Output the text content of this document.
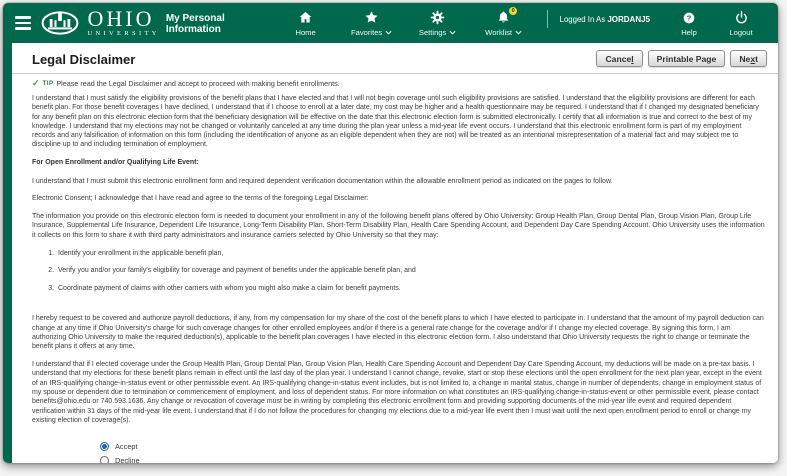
OHIO
UNIVERSITY
My Personal Information	Home	Favorites	Settings
0
Worklist
Logged In As JORDANJ5	?
Help	Logout
Legal Disclaimer	Cancel	Printable Page	Next
✓ TIP Please read the Legal Disclaimer and accept to proceed with making benefit enrollments.

I understand that I must satisfy the eligibility provisions of the benefit plans that I have elected and that I will not begin coverage until such eligibility provisions are satisfied. I understand that the eligibility provisions are different for each benefit plan. For those benefit coverages I have declined, I understand that if I choose to enroll at a later date, my cost may be higher and a health questionnaire may be required. I understand that if I changed my designated beneficiary for any benefit plan on this electronic election form that the beneficiary designation will be effective on the date that this electronic election form is submitted electronically. I certify that all information is true and correct to the best of my knowledge. I understand that my elections may not be changed or voluntarily canceled at any time during the plan year unless a mid-year life event occurs. I understand that this electronic enrollment form is part of my employment records and any falsification of information on this form (including the identification of anyone as an eligible dependent when they are not) will be treated as an intentional misrepresentation of a material fact and may subject me to discipline up to and including termination of employment.

For Open Enrollment and/or Qualifying Life Event:

I understand that I must submit this electronic enrollment form and required dependent verification documentation within the allowable enrollment period as indicated on the pages to follow.

Electronic Consent; I acknowledge that I have read and agree to the terms of the foregoing Legal Disclaimer:

The information you provide on this electronic election form is needed to document your enrollment in any of the following benefit plans offered by Ohio University: Group Health Plan, Group Dental Plan, Group Vision Plan, Group Life Insurance, Supplemental Life Insurance, Dependent Life Insurance, Long-Term Disability Plan, Short-Term Disability Plan, Health Care Spending Account, and Dependent Day Care Spending Account. Ohio University uses the information it collects on this form to share it with third party administrators and insurance carriers selected by Ohio University so that they may:

1. Identify your enrollment in the applicable benefit plan,
2. Verify you and/or your family's eligibility for coverage and payment of benefits under the applicable benefit plan, and
3. Coordinate payment of claims with other carriers with whom you might also make a claim for benefit payments.

I hereby request to be covered and authorize payroll deductions, if any, from my compensation for my share of the cost of the benefit plans to which I have elected to participate in. I understand that the amount of my payroll deduction can change at any time if Ohio University's charge for such coverage changes for other enrolled employees and/or if there is a general rate change for the coverage and/or if I change my elected coverage. By signing this form, I am authorizing Ohio University to make the required deduction(s), applicable to the benefit plan coverages I have elected in this electronic election form. I also understand that Ohio University requests the right to change or terminate the benefit plans it offers at any time.

I understand that if I elected coverage under the Group Health Plan, Group Dental Plan, Group Vision Plan, Health Care Spending Account and Dependent Day Care Spending Account, my deductions will be made on a pre-tax basis. I understand that my elections for these benefit plans remain in effect until the last day of the plan year. I understand I cannot change, revoke, start or stop these elections until the open enrollment for the next plan year, except in the event of an IRS-qualifying change-in-status event or other permissible event. An IRS-qualifying change-in-status event includes, but is not limited to, a change in marital status, change in number of dependents, change in employment status of my spouse or dependent due to termination or commencement of employment, and loss of dependent status. For more information on what constitutes an IRS-qualifying change-in-status-event or other permissible event, please contact benefits@ohio.edu or 740.593.1636. Any change or revocation of coverage must be in writing by completing this electronic enrollment form and providing supporting documents of the mid-year life event and required dependent verification within 31 days of the mid-year life event. I understand that if I do not follow the procedures for changing my elections due to a mid-year life event then I must wait until the next open enrollment period to enroll or change my existing election of coverage(s).

Accept
Decline
